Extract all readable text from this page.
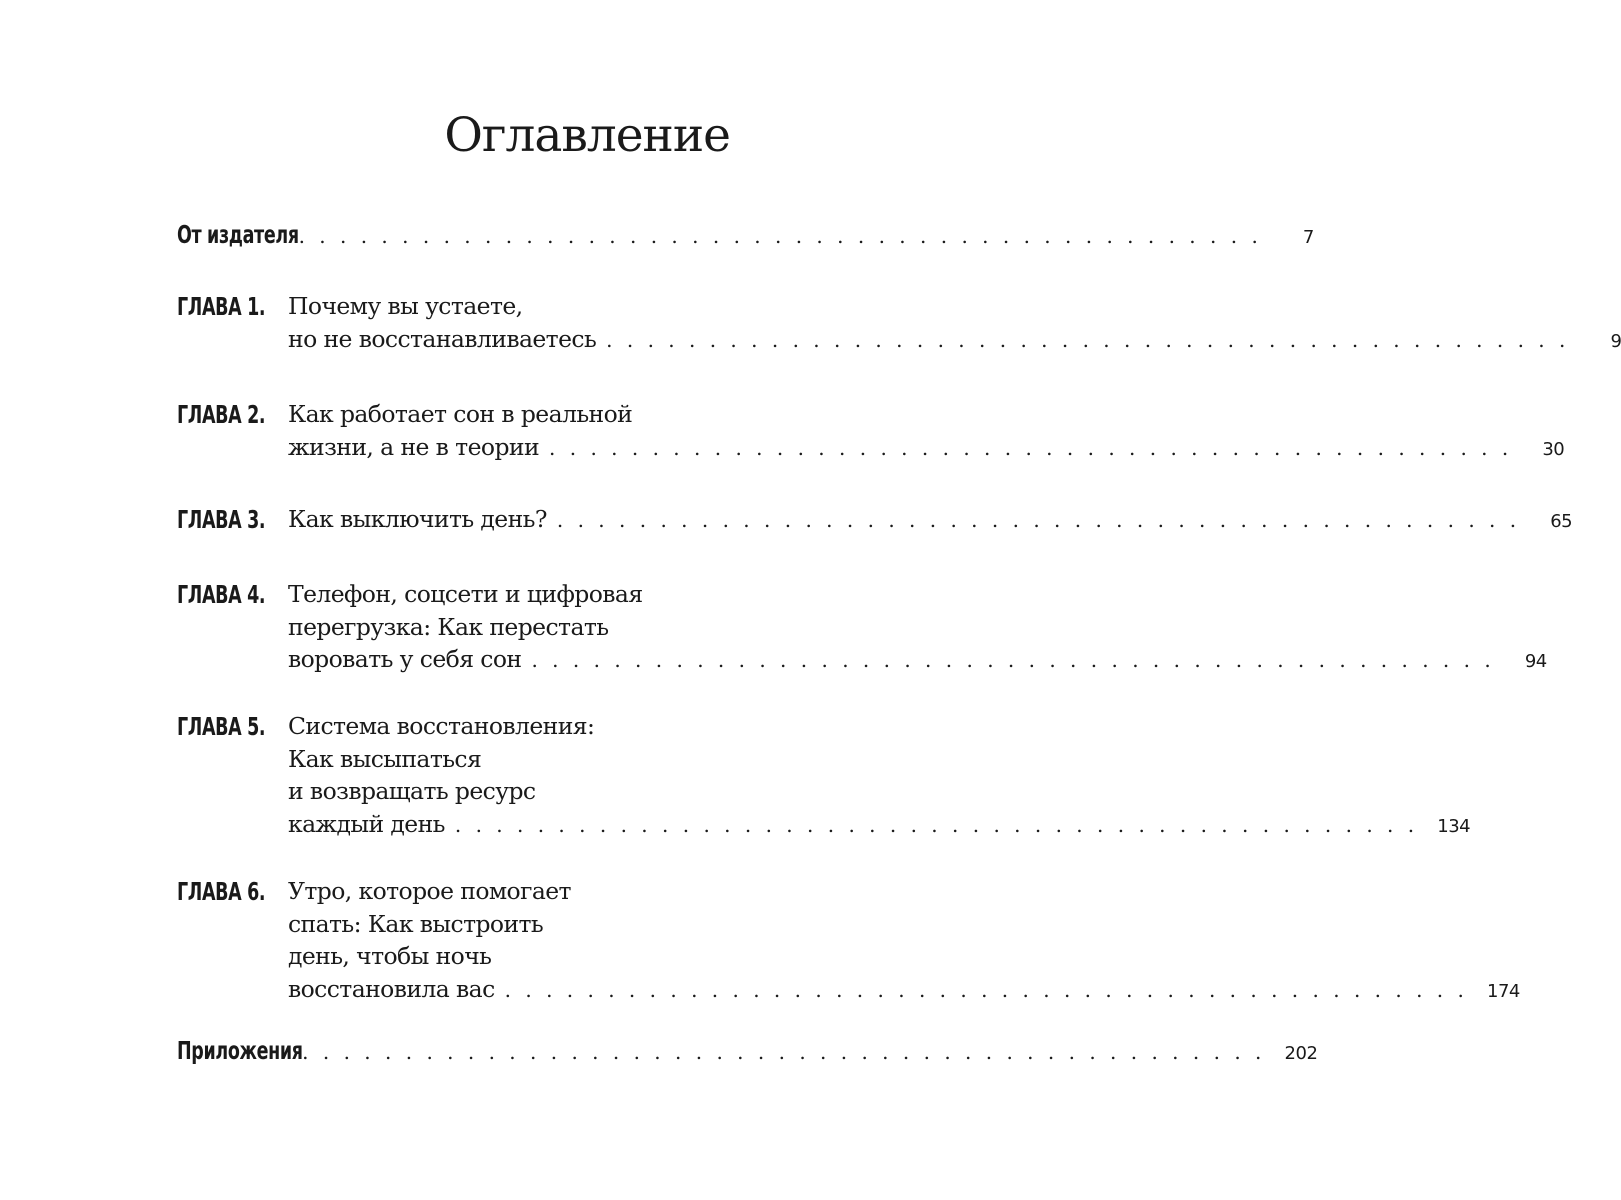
Оглавление
От издателя . . . . . . . . . . . . . . . . . . . . . . . . . . . . . . . . . . . . . . . . . . . . . . .	7
ГЛАВА 1. Почему вы устаете,
но не восстанавливаетесь . . . . . . . . . . . . . . . . . . . . . . . . . . . . . . . . . . . . . . . . . . . . . . .	9
ГЛАВА 2. Как работает сон в реальной
жизни, а не в теории . . . . . . . . . . . . . . . . . . . . . . . . . . . . . . . . . . . . . . . . . . . . . . .	30
ГЛАВА 3. Как выключить день? . . . . . . . . . . . . . . . . . . . . . . . . . . . . . . . . . . . . . . . . . . . . . . .	65
ГЛАВА 4. Телефон, соцсети и цифровая
перегрузка: Как перестать
воровать у себя сон . . . . . . . . . . . . . . . . . . . . . . . . . . . . . . . . . . . . . . . . . . . . . . .	94
ГЛАВА 5. Система восстановления:
Как высыпаться
и возвращать ресурс
каждый день . . . . . . . . . . . . . . . . . . . . . . . . . . . . . . . . . . . . . . . . . . . . . . .	134
ГЛАВА 6. Утро, которое помогает
спать: Как выстроить
день, чтобы ночь
восстановила вас . . . . . . . . . . . . . . . . . . . . . . . . . . . . . . . . . . . . . . . . . . . . . . .	174
Приложения . . . . . . . . . . . . . . . . . . . . . . . . . . . . . . . . . . . . . . . . . . . . . . .	202
